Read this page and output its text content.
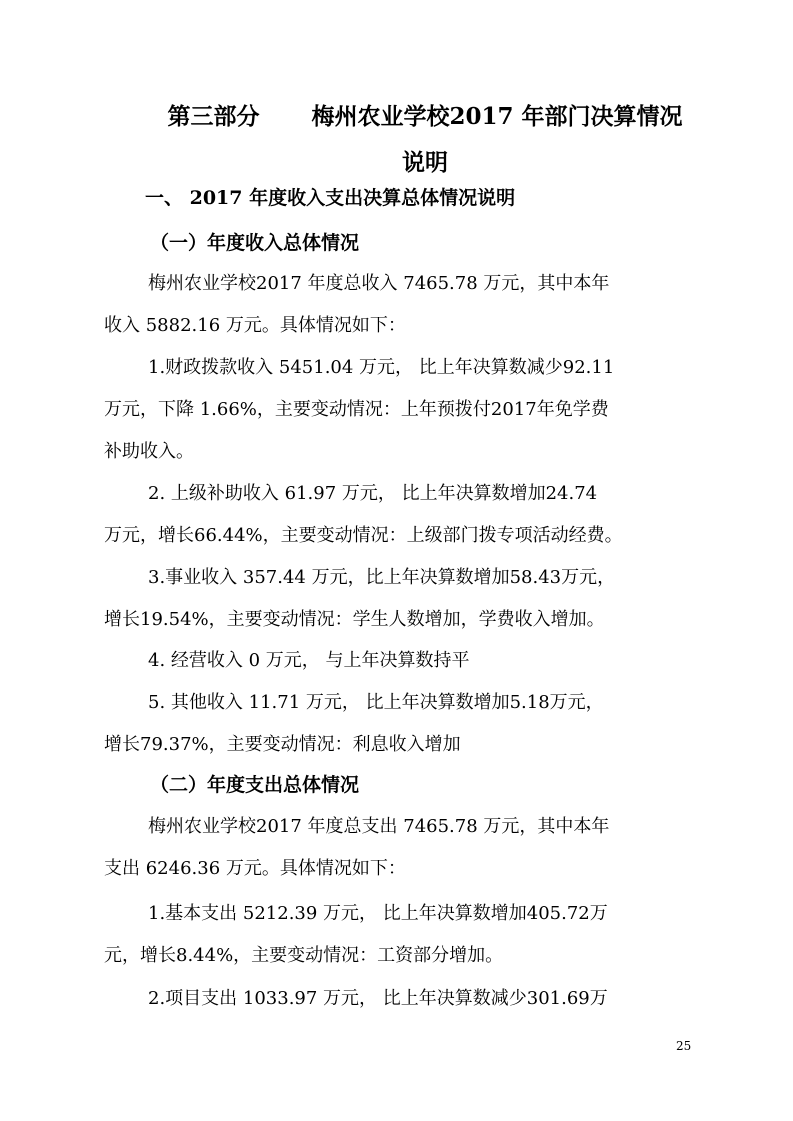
第三部分 梅州农业学校2017 年部门决算情况
说明
一、 2017 年度收入支出决算总体情况说明
（一）年度收入总体情况
梅州农业学校2017 年度总收入 7465.78 万元，其中本年
收入 5882.16 万元。具体情况如下：
1.财政拨款收入 5451.04 万元， 比上年决算数减少92.11
万元，下降 1.66%，主要变动情况：上年预拨付2017年免学费
补助收入。
2. 上级补助收入 61.97 万元， 比上年决算数增加24.74
万元，增长66.44%，主要变动情况：上级部门拨专项活动经费。
3.事业收入 357.44 万元，比上年决算数增加58.43万元，
增长19.54%，主要变动情况：学生人数增加，学费收入增加。
4. 经营收入 0 万元， 与上年决算数持平
5. 其他收入 11.71 万元， 比上年决算数增加5.18万元，
增长79.37%，主要变动情况：利息收入增加
（二）年度支出总体情况
梅州农业学校2017 年度总支出 7465.78 万元，其中本年
支出 6246.36 万元。具体情况如下：
1.基本支出 5212.39 万元， 比上年决算数增加405.72万
元，增长8.44%，主要变动情况：工资部分增加。
2.项目支出 1033.97 万元， 比上年决算数减少301.69万
25
